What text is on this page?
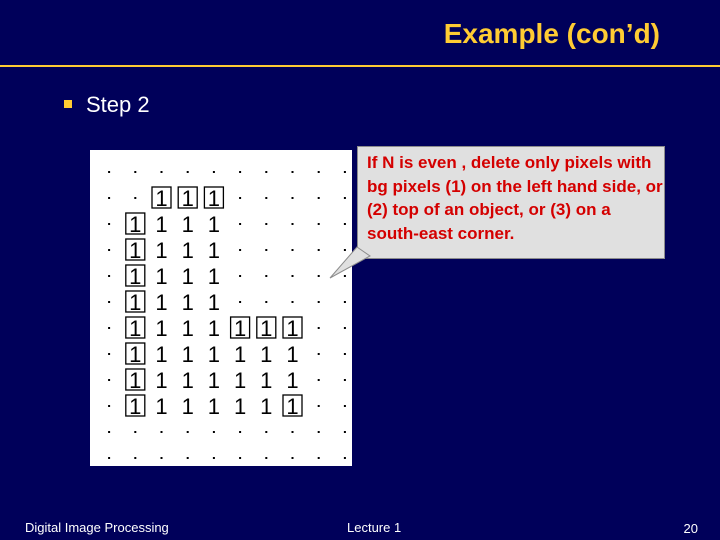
Example (con’d)
Step 2
1 1 1
1 1 1 1
1 1 1 1
1 1 1 1
1 1 1 1
1 1 1 1 1 1 1
1 1 1 1 1 1 1
1 1 1 1 1 1 1
1 1 1 1 1 1 1
If N is even , delete only pixels with bg pixels (1) on the left hand side, or (2) top of an object, or (3) on a south-east corner.
Digital Image Processing	Lecture 1	20
